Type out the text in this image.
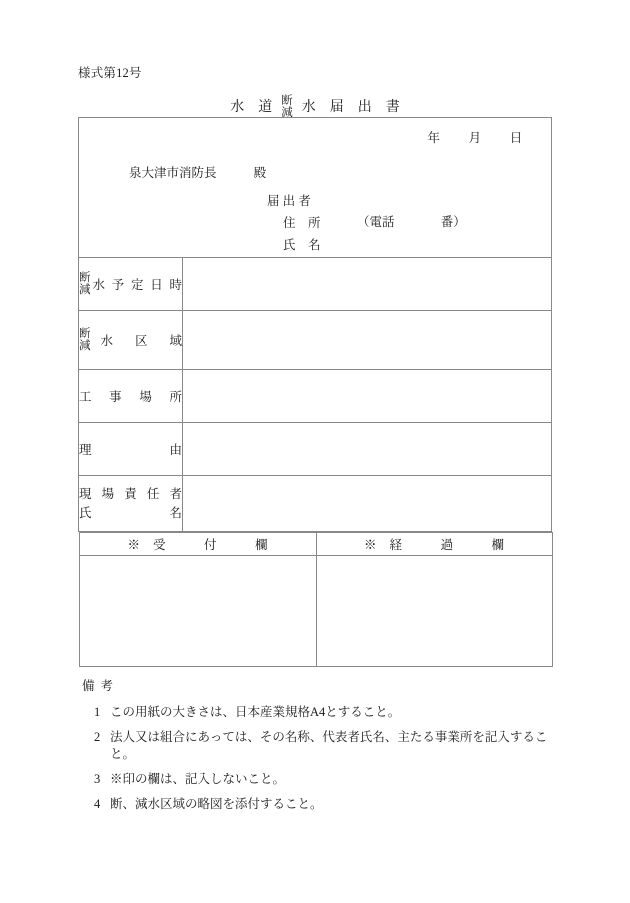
様式第12号
水	道 断
減 水	届	出	書
年 月 日
泉大津市消防長	殿
届 出 者
住　所
氏　名
（電話	番）

断
減 水 予 定 日 時

断
減 水 区 域

工 事 場 所

理	由

現 場 責 任 者
氏	名

※受　付　欄	※経　過　欄

備考
1 この用紙の大きさは、日本産業規格A4とすること。
2 法人又は組合にあっては、その名称、代表者氏名、主たる事業所を記入すること。
3 ※印の欄は、記入しないこと。
4 断、減水区域の略図を添付すること。
